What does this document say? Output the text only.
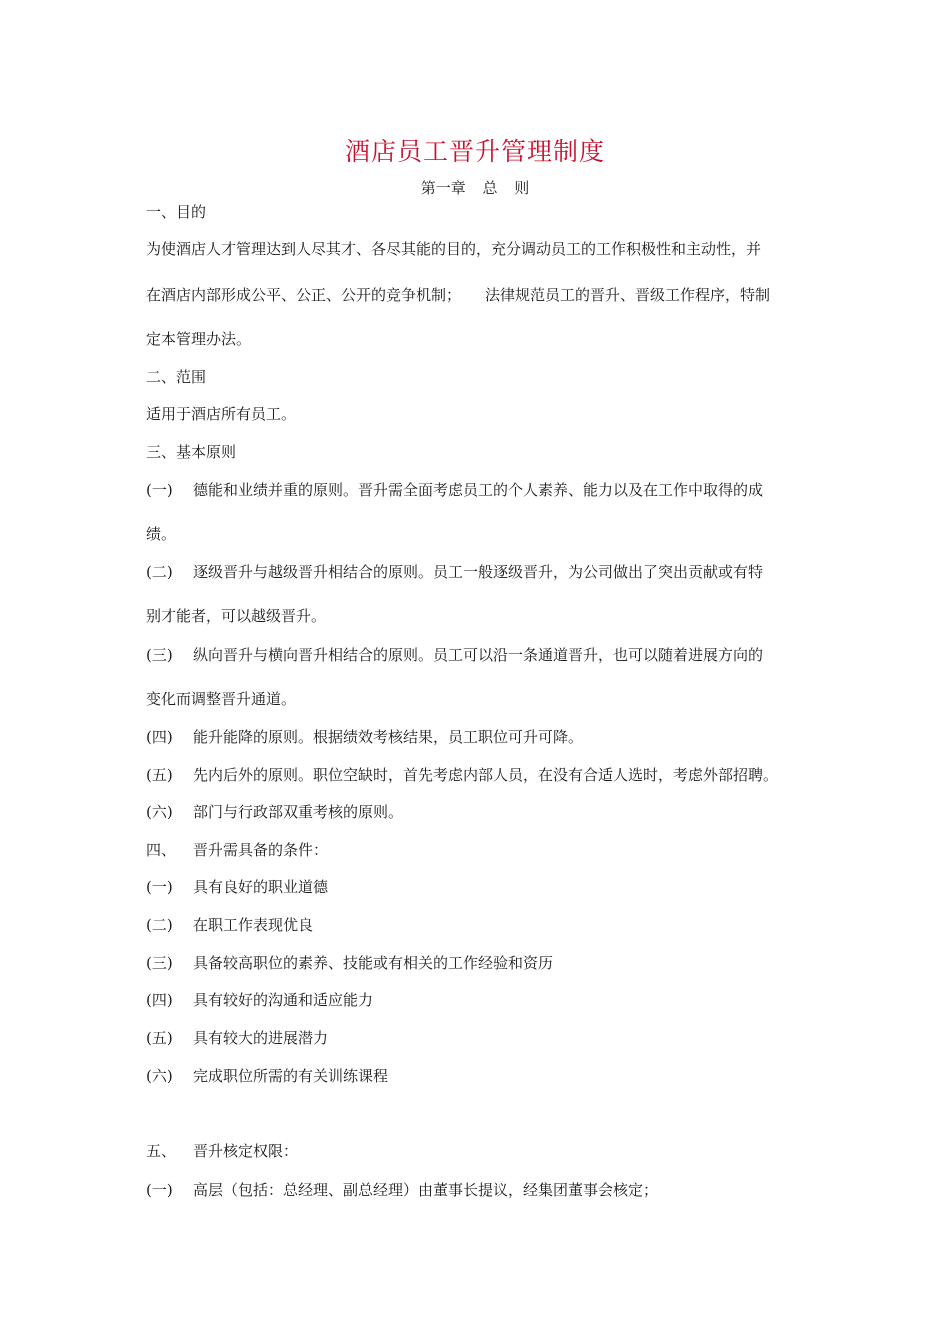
酒店员工晋升管理制度
第一章 总 则
一、目的
为使酒店人才管理达到人尽其才、各尽其能的目的，充分调动员工的工作积极性和主动性，并
在酒店内部形成公平、公正、公开的竞争机制； 法律规范员工的晋升、晋级工作程序，特制
定本管理办法。
二、范围
适用于酒店所有员工。
三、基本原则
(一) 德能和业绩并重的原则。晋升需全面考虑员工的个人素养、能力以及在工作中取得的成
绩。
(二) 逐级晋升与越级晋升相结合的原则。员工一般逐级晋升，为公司做出了突出贡献或有特
别才能者，可以越级晋升。
(三) 纵向晋升与横向晋升相结合的原则。员工可以沿一条通道晋升，也可以随着进展方向的
变化而调整晋升通道。
(四) 能升能降的原则。根据绩效考核结果，员工职位可升可降。
(五) 先内后外的原则。职位空缺时，首先考虑内部人员，在没有合适人选时，考虑外部招聘。
(六) 部门与行政部双重考核的原则。
四、 晋升需具备的条件：
(一) 具有良好的职业道德
(二) 在职工作表现优良
(三) 具备较高职位的素养、技能或有相关的工作经验和资历
(四) 具有较好的沟通和适应能力
(五) 具有较大的进展潜力
(六) 完成职位所需的有关训练课程
五、 晋升核定权限：
(一) 高层（包括：总经理、副总经理）由董事长提议，经集团董事会核定；
